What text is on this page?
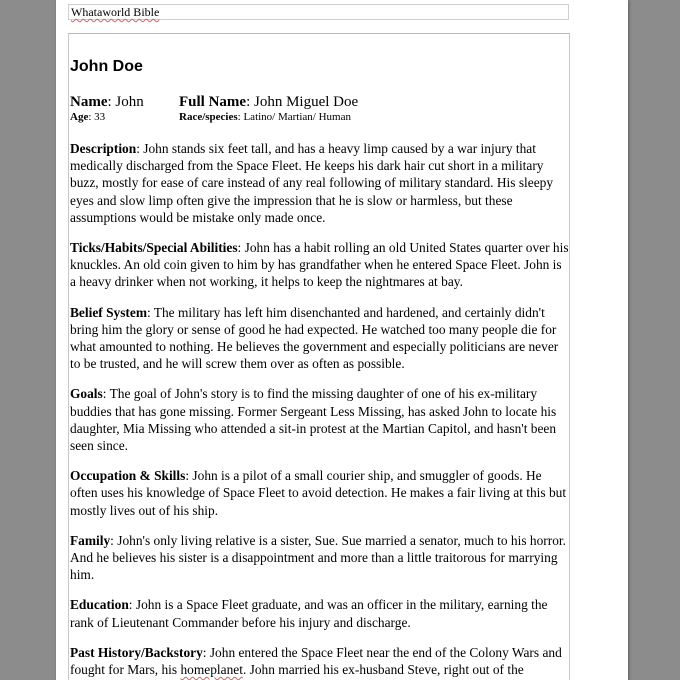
Whataworld Bible
John Doe
Name: John	Full Name: John Miguel Doe
Age: 33	Race/species: Latino/ Martian/ Human

Description: John stands six feet tall, and has a heavy limp caused by a war injury that medically discharged from the Space Fleet. He keeps his dark hair cut short in a military buzz, mostly for ease of care instead of any real following of military standard. His sleepy eyes and slow limp often give the impression that he is slow or harmless, but these assumptions would be mistake only made once.

Ticks/Habits/Special Abilities: John has a habit rolling an old United States quarter over his knuckles. An old coin given to him by has grandfather when he entered Space Fleet. John is a heavy drinker when not working, it helps to keep the nightmares at bay.

Belief System: The military has left him disenchanted and hardened, and certainly didn't bring him the glory or sense of good he had expected. He watched too many people die for what amounted to nothing. He believes the government and especially politicians are never to be trusted, and he will screw them over as often as possible.

Goals: The goal of John's story is to find the missing daughter of one of his ex-military buddies that has gone missing. Former Sergeant Less Missing, has asked John to locate his daughter, Mia Missing who attended a sit-in protest at the Martian Capitol, and hasn't been seen since.

Occupation & Skills: John is a pilot of a small courier ship, and smuggler of goods. He often uses his knowledge of Space Fleet to avoid detection. He makes a fair living at this but mostly lives out of his ship.

Family: John's only living relative is a sister, Sue. Sue married a senator, much to his horror. And he believes his sister is a disappointment and more than a little traitorous for marrying him.

Education: John is a Space Fleet graduate, and was an officer in the military, earning the rank of Lieutenant Commander before his injury and discharge.

Past History/Backstory: John entered the Space Fleet near the end of the Colony Wars and fought for Mars, his homeplanet. John married his ex-husband Steve, right out of the
